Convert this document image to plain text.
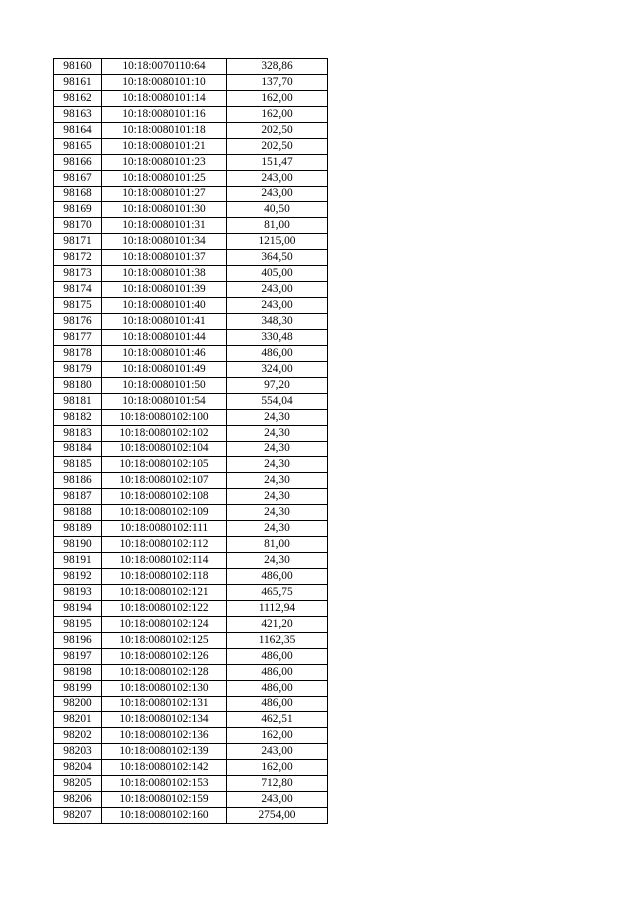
98160	10:18:0070110:64	328,86
98161	10:18:0080101:10	137,70
98162	10:18:0080101:14	162,00
98163	10:18:0080101:16	162,00
98164	10:18:0080101:18	202,50
98165	10:18:0080101:21	202,50
98166	10:18:0080101:23	151,47
98167	10:18:0080101:25	243,00
98168	10:18:0080101:27	243,00
98169	10:18:0080101:30	40,50
98170	10:18:0080101:31	81,00
98171	10:18:0080101:34	1215,00
98172	10:18:0080101:37	364,50
98173	10:18:0080101:38	405,00
98174	10:18:0080101:39	243,00
98175	10:18:0080101:40	243,00
98176	10:18:0080101:41	348,30
98177	10:18:0080101:44	330,48
98178	10:18:0080101:46	486,00
98179	10:18:0080101:49	324,00
98180	10:18:0080101:50	97,20
98181	10:18:0080101:54	554,04
98182	10:18:0080102:100	24,30
98183	10:18:0080102:102	24,30
98184	10:18:0080102:104	24,30
98185	10:18:0080102:105	24,30
98186	10:18:0080102:107	24,30
98187	10:18:0080102:108	24,30
98188	10:18:0080102:109	24,30
98189	10:18:0080102:111	24,30
98190	10:18:0080102:112	81,00
98191	10:18:0080102:114	24,30
98192	10:18:0080102:118	486,00
98193	10:18:0080102:121	465,75
98194	10:18:0080102:122	1112,94
98195	10:18:0080102:124	421,20
98196	10:18:0080102:125	1162,35
98197	10:18:0080102:126	486,00
98198	10:18:0080102:128	486,00
98199	10:18:0080102:130	486,00
98200	10:18:0080102:131	486,00
98201	10:18:0080102:134	462,51
98202	10:18:0080102:136	162,00
98203	10:18:0080102:139	243,00
98204	10:18:0080102:142	162,00
98205	10:18:0080102:153	712,80
98206	10:18:0080102:159	243,00
98207	10:18:0080102:160	2754,00
